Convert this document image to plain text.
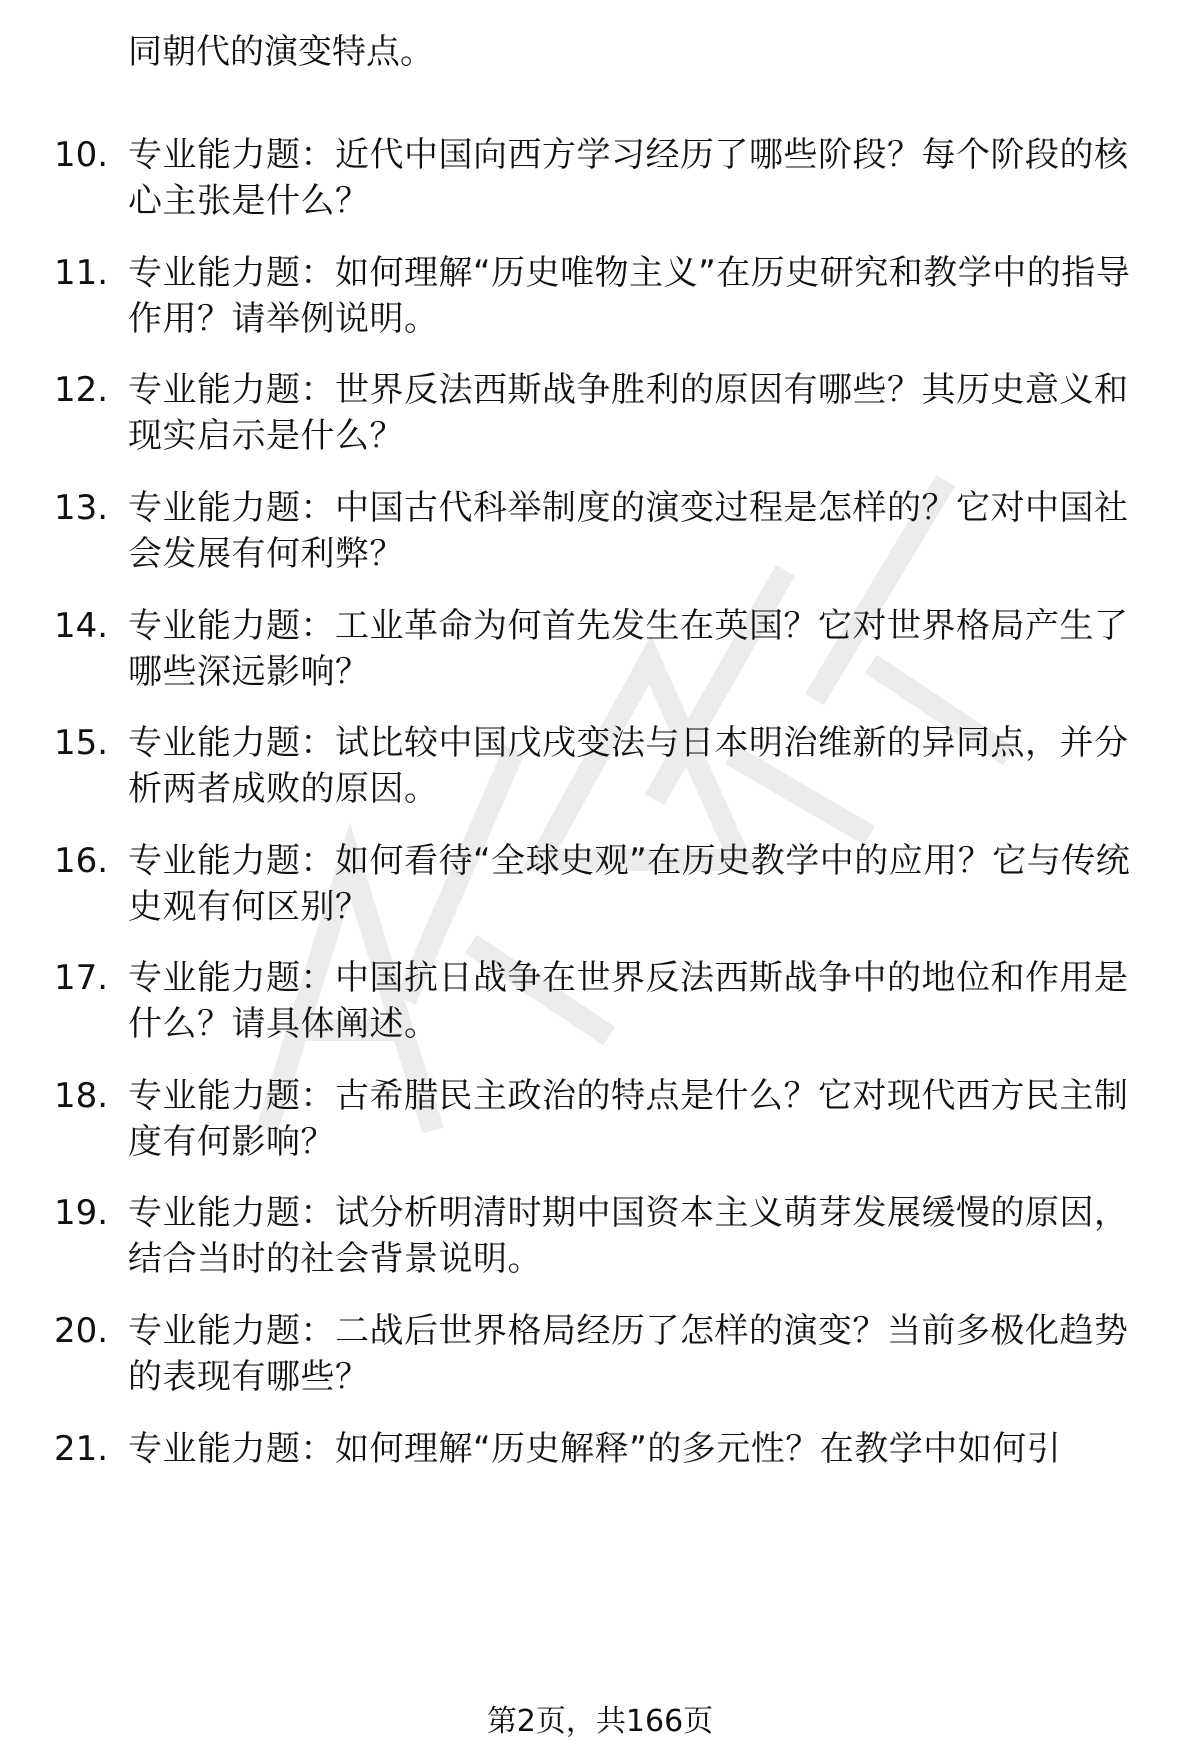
同朝代的演变特点。
10. 专业能力题：近代中国向西方学习经历了哪些阶段？每个阶段的核心主张是什么？
11. 专业能力题：如何理解“历史唯物主义”在历史研究和教学中的指导作用？请举例说明。
12. 专业能力题：世界反法西斯战争胜利的原因有哪些？其历史意义和现实启示是什么？
13. 专业能力题：中国古代科举制度的演变过程是怎样的？它对中国社会发展有何利弊？
14. 专业能力题：工业革命为何首先发生在英国？它对世界格局产生了哪些深远影响？
15. 专业能力题：试比较中国戊戌变法与日本明治维新的异同点，并分析两者成败的原因。
16. 专业能力题：如何看待“全球史观”在历史教学中的应用？它与传统史观有何区别？
17. 专业能力题：中国抗日战争在世界反法西斯战争中的地位和作用是什么？请具体阐述。
18. 专业能力题：古希腊民主政治的特点是什么？它对现代西方民主制度有何影响？
19. 专业能力题：试分析明清时期中国资本主义萌芽发展缓慢的原因，结合当时的社会背景说明。
20. 专业能力题：二战后世界格局经历了怎样的演变？当前多极化趋势的表现有哪些？
21. 专业能力题：如何理解“历史解释”的多元性？在教学中如何引
第2页，共166页
